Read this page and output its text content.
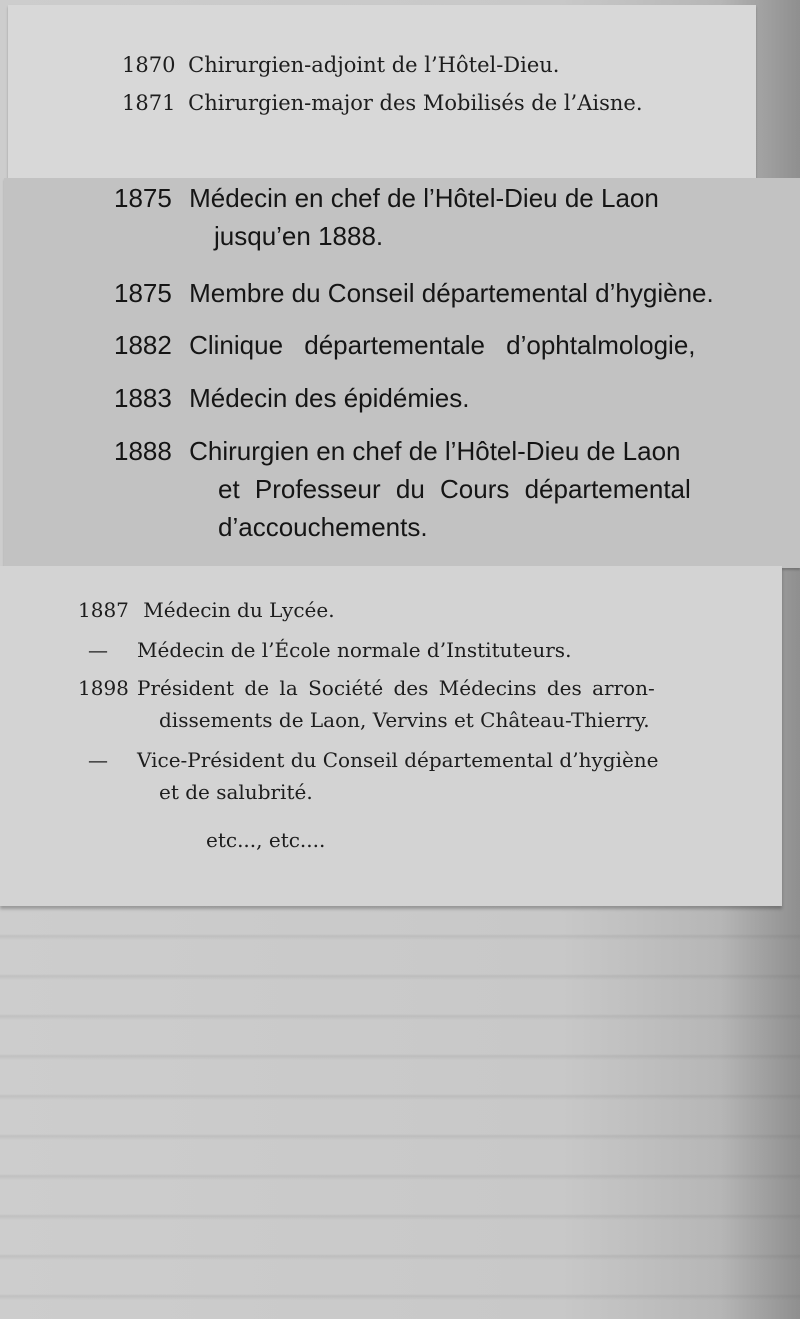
1870 Chirurgien-adjoint de l’Hôtel-Dieu.
1871 Chirurgien-major des Mobilisés de l’Aisne.
1875 Médecin en chef de l’Hôtel-Dieu de Laon
jusqu’en 1888.
1875 Membre du Conseil départemental d’hygiène.
1882 Clinique départementale d’ophtalmologie,
1883 Médecin des épidémies.
1888 Chirurgien en chef de l’Hôtel-Dieu de Laon
et Professeur du Cours départemental
d’accouchements.
1887 Médecin du Lycée.
— Médecin de l’École normale d’Instituteurs.
1898 Président de la Société des Médecins des arron-
dissements de Laon, Vervins et Château-Thierry.
— Vice-Président du Conseil départemental d’hygiène
et de salubrité.
etc..., etc....
